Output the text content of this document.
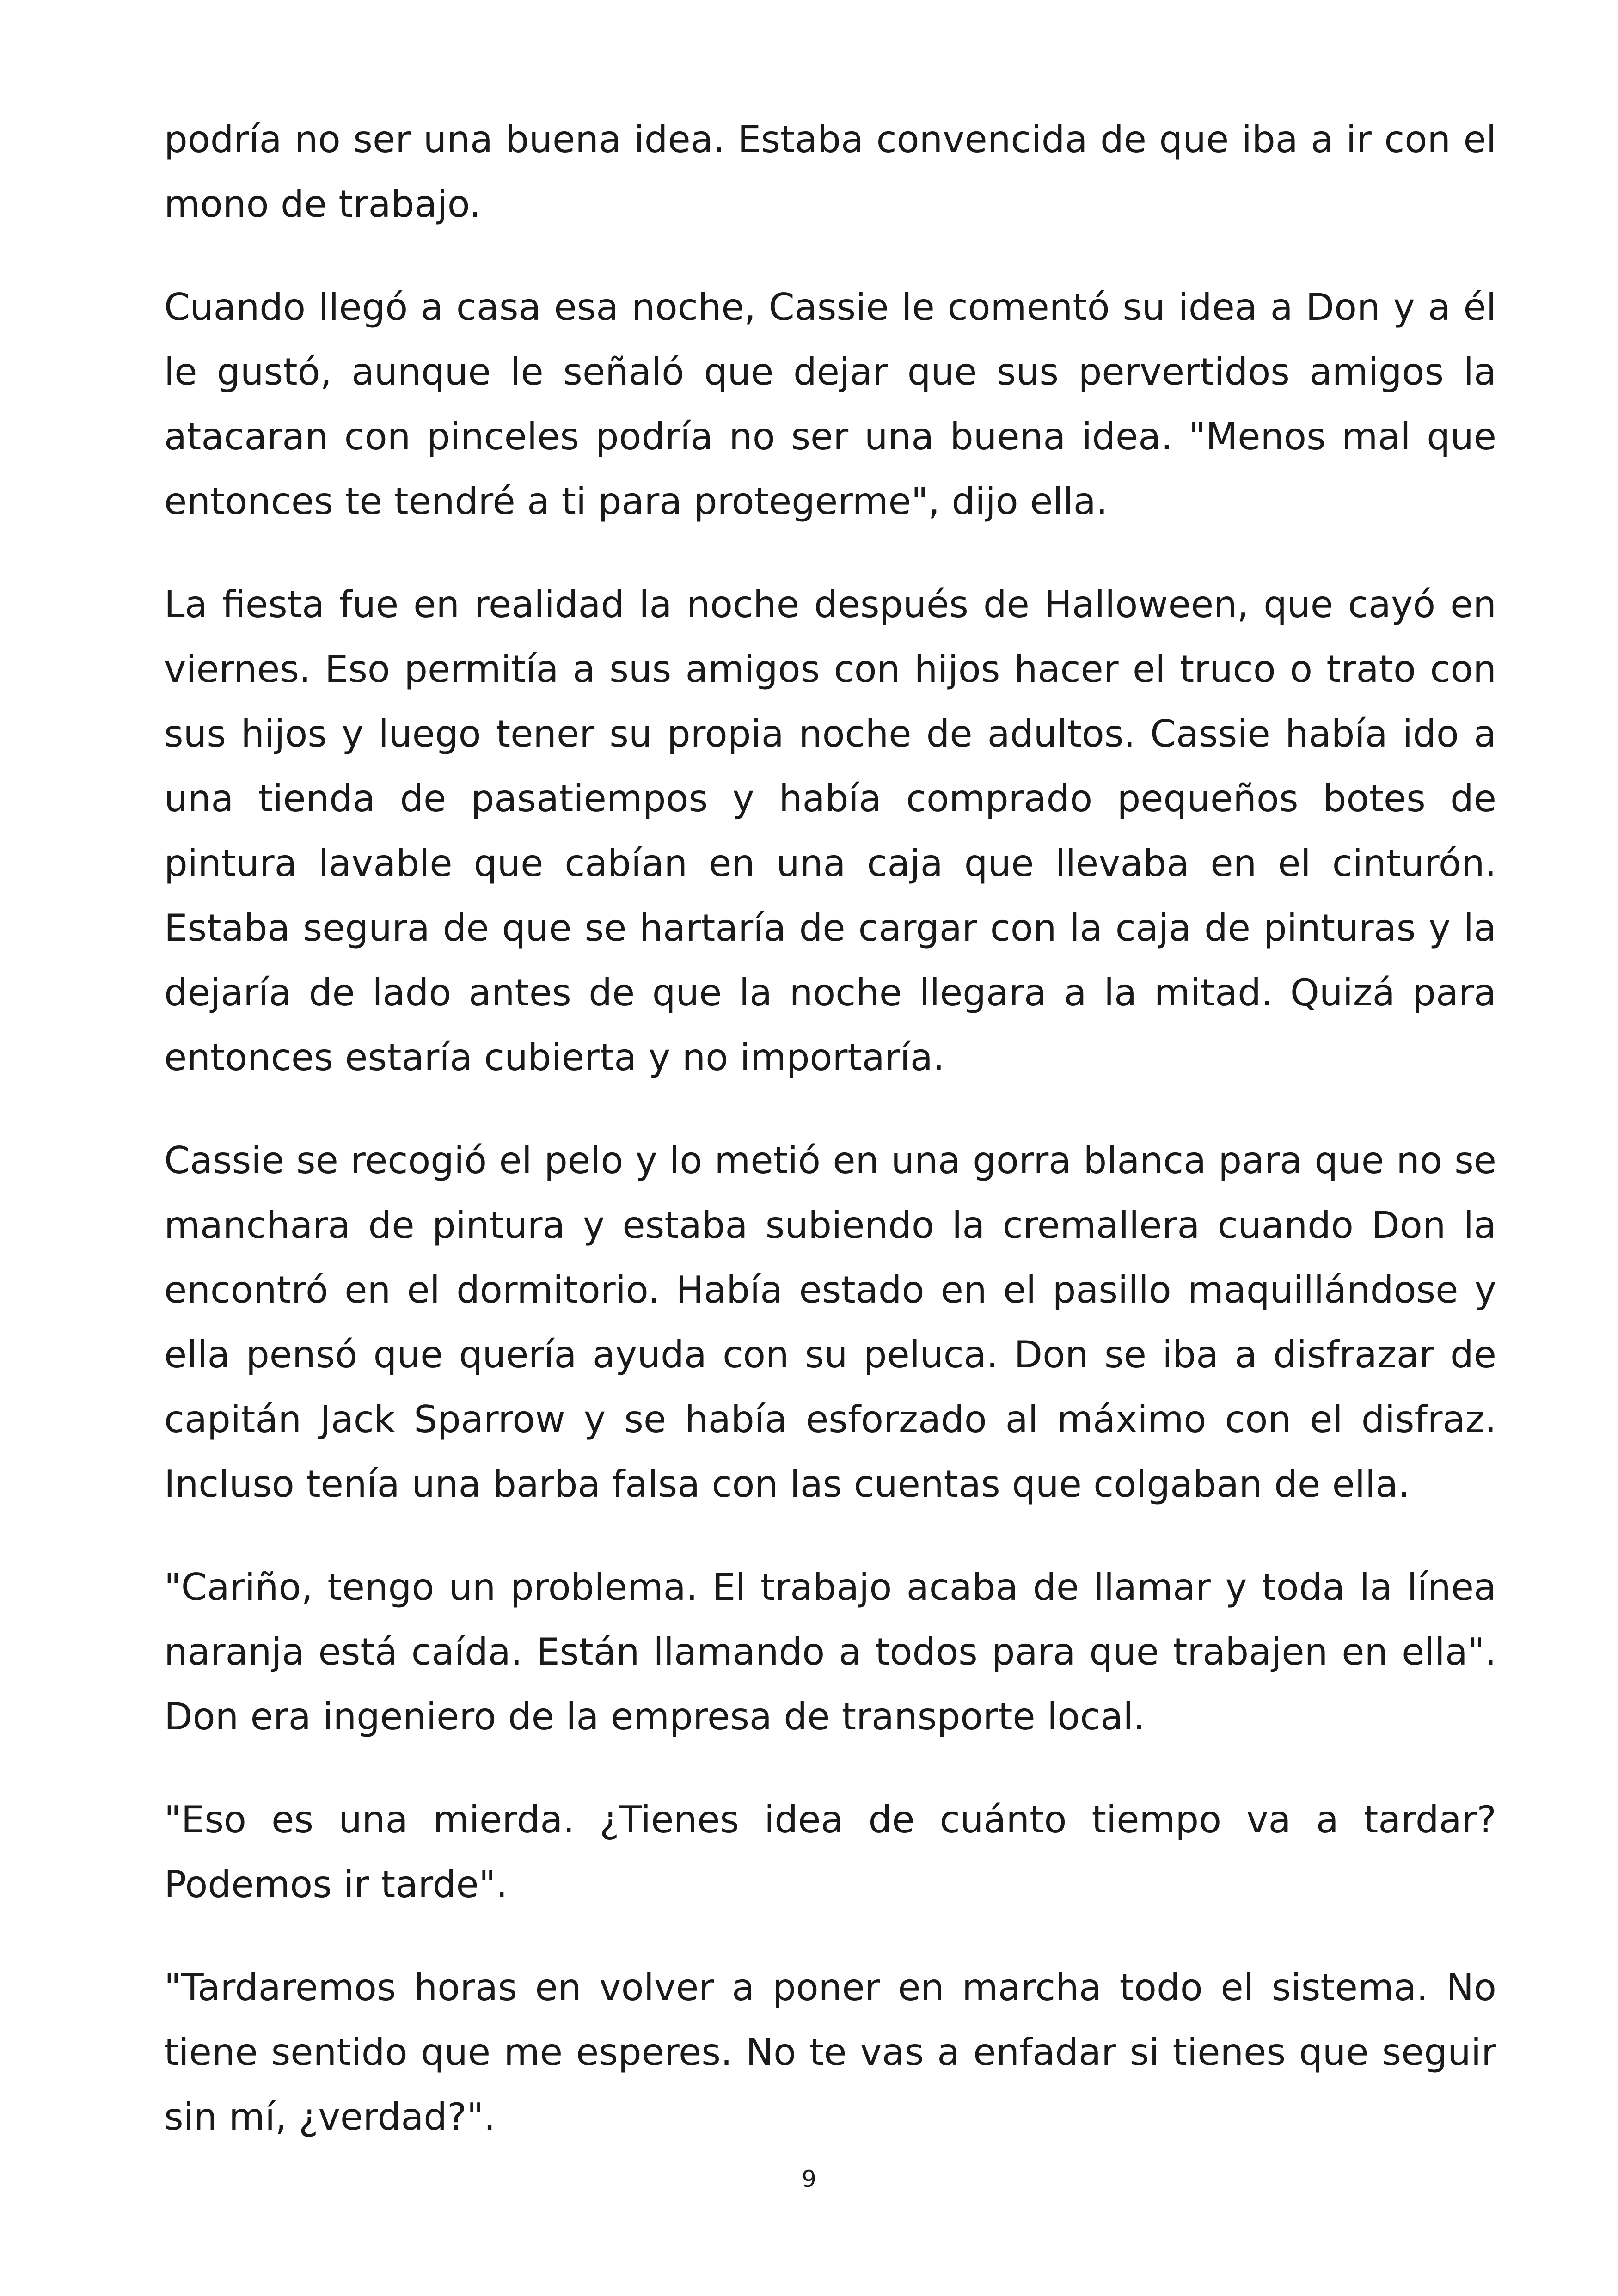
podría no ser una buena idea. Estaba convencida de que iba a ir con el mono de trabajo.

Cuando llegó a casa esa noche, Cassie le comentó su idea a Don y a él le gustó, aunque le señaló que dejar que sus pervertidos amigos la atacaran con pinceles podría no ser una buena idea. "Menos mal que entonces te tendré a ti para protegerme", dijo ella.

La fiesta fue en realidad la noche después de Halloween, que cayó en viernes. Eso permitía a sus amigos con hijos hacer el truco o trato con sus hijos y luego tener su propia noche de adultos. Cassie había ido a una tienda de pasatiempos y había comprado pequeños botes de pintura lavable que cabían en una caja que llevaba en el cinturón. Estaba segura de que se hartaría de cargar con la caja de pinturas y la dejaría de lado antes de que la noche llegara a la mitad. Quizá para entonces estaría cubierta y no importaría.

Cassie se recogió el pelo y lo metió en una gorra blanca para que no se manchara de pintura y estaba subiendo la cremallera cuando Don la encontró en el dormitorio. Había estado en el pasillo maquillándose y ella pensó que quería ayuda con su peluca. Don se iba a disfrazar de capitán Jack Sparrow y se había esforzado al máximo con el disfraz. Incluso tenía una barba falsa con las cuentas que colgaban de ella.

"Cariño, tengo un problema. El trabajo acaba de llamar y toda la línea naranja está caída. Están llamando a todos para que trabajen en ella". Don era ingeniero de la empresa de transporte local.

"Eso es una mierda. ¿Tienes idea de cuánto tiempo va a tardar? Podemos ir tarde".

"Tardaremos horas en volver a poner en marcha todo el sistema. No tiene sentido que me esperes. No te vas a enfadar si tienes que seguir sin mí, ¿verdad?".

9
